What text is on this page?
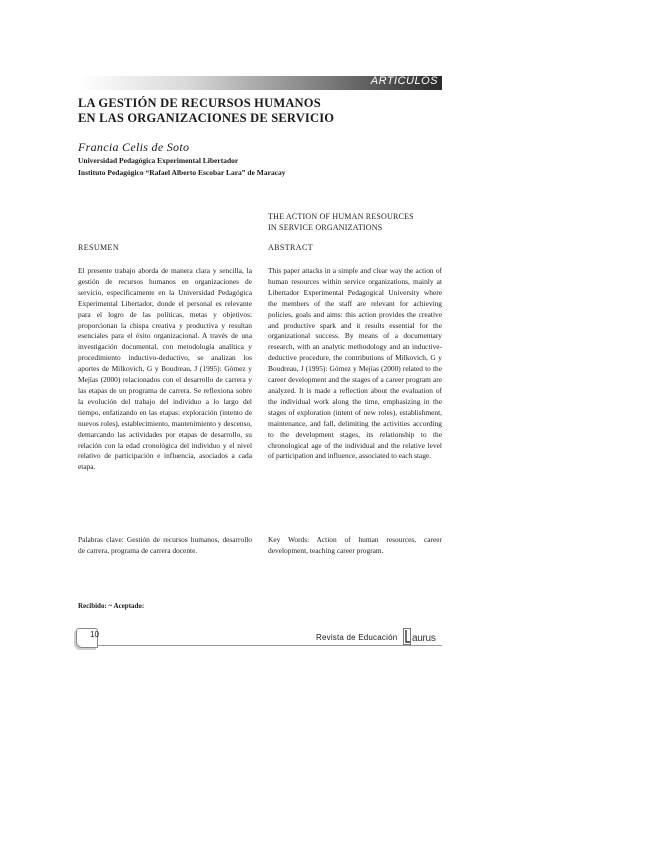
ARTÍCULOS
LA GESTIÓN DE RECURSOS HUMANOS
EN LAS ORGANIZACIONES DE SERVICIO
Francia Celis de Soto
Universidad Pedagógica Experimental Libertador
Instituto Pedagógico “Rafael Alberto Escobar Lara” de Maracay
THE ACTION OF HUMAN RESOURCES
IN SERVICE ORGANIZATIONS
RESUMEN	ABSTRACT
El presente trabajo aborda de manera clara y sencilla, la gestión de recursos humanos en organizaciones de servicio, específicamente en la Universidad Pedagógica Experimental Libertador, donde el personal es relevante para el logro de las políticas, metas y objetivos: proporcionan la chispa creativa y productiva y resultan esenciales para el éxito organizacional. A través de una investigación documental, con metodología analítica y procedimiento inductivo-deductivo, se analizan los aportes de Milkovich, G y Boudreau, J (1995): Gómez y Mejías (2000) relacionados con el desarrollo de carrera y las etapas de un programa de carrera. Se reflexiona sobre la evolución del trabajo del individuo a lo largo del tiempo, enfatizando en las etapas: exploración (intento de nuevos roles), establecimiento, mantenimiento y descenso, demarcando las actividades por etapas de desarrollo, su relación con la edad cronológica del individuo y el nivel relativo de participación e influencia, asociados a cada etapa.
This paper attacks in a simple and clear way the action of human resources within service organizations, mainly at Libertador Experimental Pedagogical University where the members of the staff are relevant for achieving policies, goals and aims: this action provides the creative and productive spark and it results essential for the organizational success. By means of a documentary research, with an analytic methodology and an inductive-deductive procedure, the contributions of Milkovich, G y Boudreau, J (1995): Gómez y Mejías (2000) related to the career development and the stages of a career program are analyzed. It is made a reflection about the evaluation of the individual work along the time, emphasizing in the stages of exploration (intent of new roles), establishment, maintenance, and fall, delimiting the activities according to the development stages, its relationship to the chronological age of the individual and the relative level of participation and influence, associated to each stage.
Palabras clave: Gestión de recursos humanos, desarrollo de carrera, programa de carrera docente.
Key Words: Action of human resources, career development, teaching career program.
Recibido: ~ Aceptado:
10	Revista de Educación aurus
